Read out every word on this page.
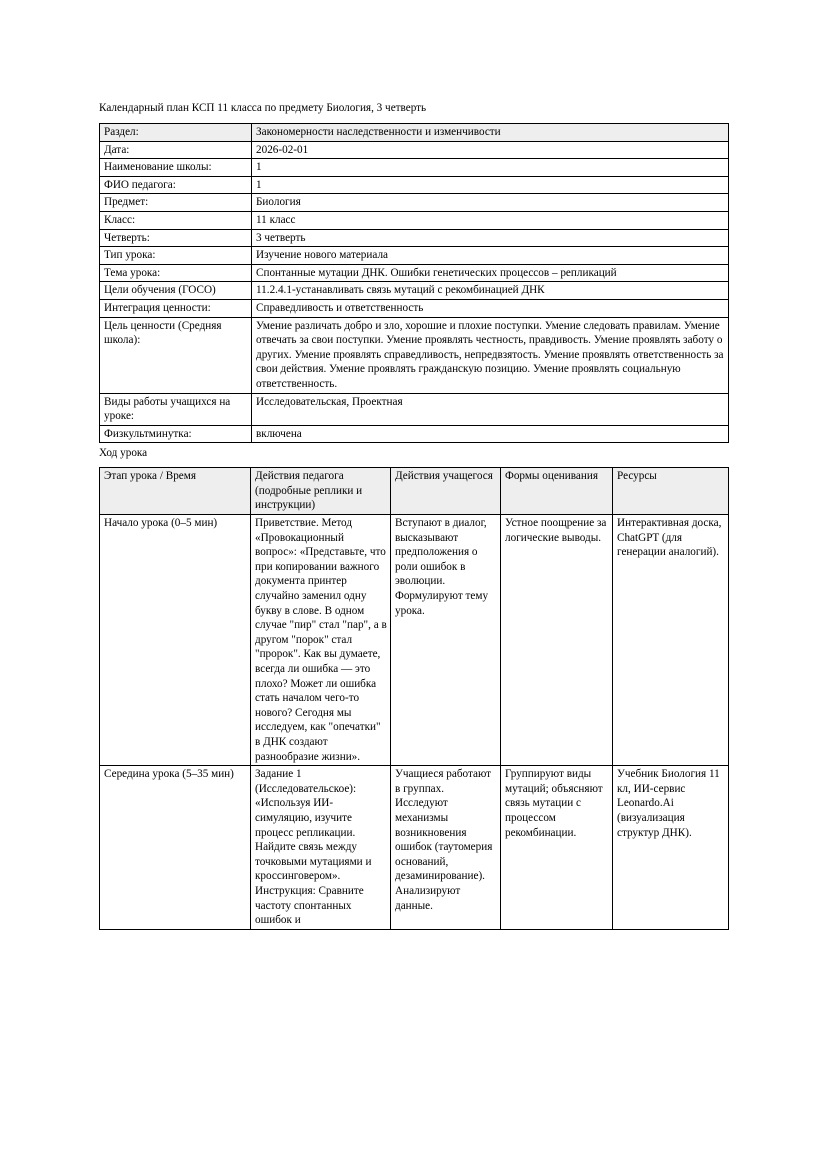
Календарный план КСП 11 класса по предмету Биология, 3 четверть
Раздел:	Закономерности наследственности и изменчивости
Дата:	2026-02-01
Наименование школы:	1
ФИО педагога:	1
Предмет:	Биология
Класс:	11 класс
Четверть:	3 четверть
Тип урока:	Изучение нового материала
Тема урока:	Спонтанные мутации ДНК. Ошибки генетических процессов – репликаций
Цели обучения (ГОСО)	11.2.4.1-устанавливать связь мутаций с рекомбинацией ДНК
Интеграция ценности:	Справедливость и ответственность
Цель ценности (Средняя школа):	Умение различать добро и зло, хорошие и плохие поступки. Умение следовать правилам. Умение отвечать за свои поступки. Умение проявлять честность, правдивость. Умение проявлять заботу о других. Умение проявлять справедливость, непредвзятость. Умение проявлять ответственность за свои действия. Умение проявлять гражданскую позицию. Умение проявлять социальную ответственность.
Виды работы учащихся на уроке:	Исследовательская, Проектная
Физкультминутка:	включена
Ход урока
Этап урока / Время	Действия педагога (подробные реплики и инструкции)	Действия учащегося	Формы оценивания	Ресурсы
Начало урока (0–5 мин)	Приветствие. Метод «Провокационный вопрос»: «Представьте, что при копировании важного документа принтер случайно заменил одну букву в слове. В одном случае "пир" стал "пар", а в другом "порок" стал "пророк". Как вы думаете, всегда ли ошибка — это плохо? Может ли ошибка стать началом чего-то нового? Сегодня мы исследуем, как "опечатки" в ДНК создают разнообразие жизни».	Вступают в диалог, высказывают предположения о роли ошибок в эволюции. Формулируют тему урока.	Устное поощрение за логические выводы.	Интерактивная доска, ChatGPT (для генерации аналогий).
Середина урока (5–35 мин)	Задание 1 (Исследовательское): «Используя ИИ-симуляцию, изучите процесс репликации. Найдите связь между точковыми мутациями и кроссинговером». Инструкция: Сравните частоту спонтанных ошибок и	Учащиеся работают в группах. Исследуют механизмы возникновения ошибок (таутомерия оснований, дезаминирование). Анализируют данные.	Группируют виды мутаций; объясняют связь мутации с процессом рекомбинации.	Учебник Биология 11 кл, ИИ-сервис Leonardo.Ai (визуализация структур ДНК).
